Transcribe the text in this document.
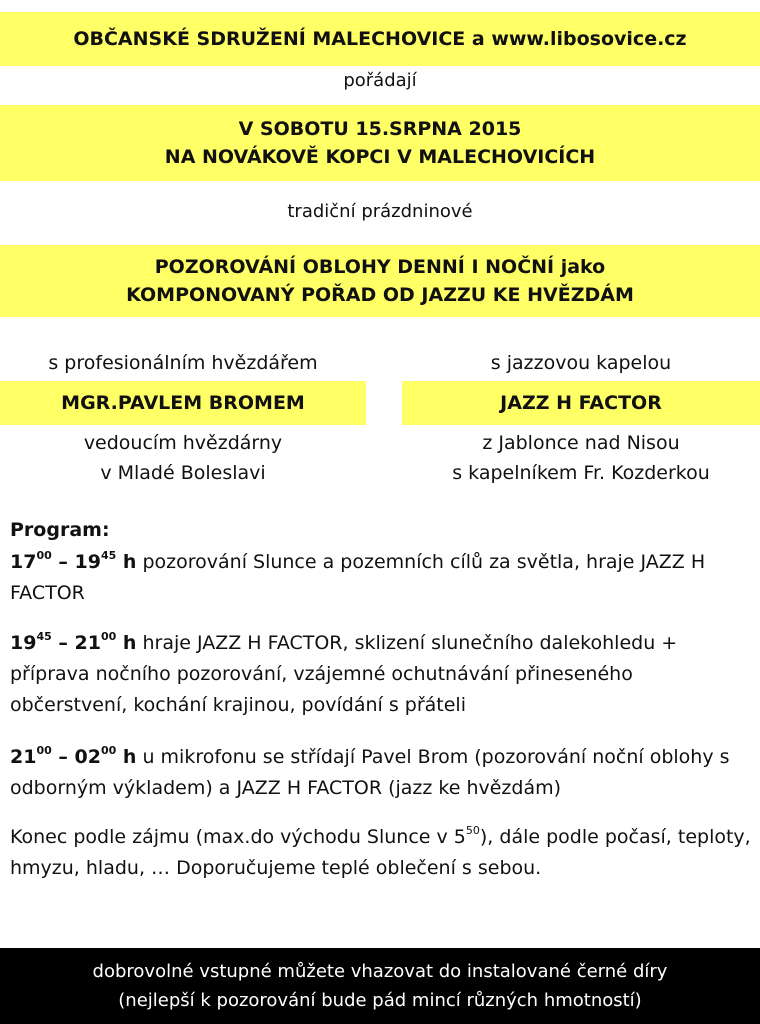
OBČANSKÉ SDRUŽENÍ MALECHOVICE a www.libosovice.cz
pořádají
V SOBOTU 15.SRPNA 2015
NA NOVÁKOVĚ KOPCI V MALECHOVICÍCH
tradiční prázdninové
POZOROVÁNÍ OBLOHY DENNÍ I NOČNÍ jako
KOMPONOVANÝ POŘAD OD JAZZU KE HVĚZDÁM
s profesionálním hvězdářem
MGR.PAVLEM BROMEM
vedoucím hvězdárny
v Mladé Boleslavi
s jazzovou kapelou
JAZZ H FACTOR
z Jablonce nad Nisou
s kapelníkem Fr. Kozderkou
Program:
$17^{00} - 19^{45}$ h pozorování Slunce a pozemních cílů za světla, hraje JAZZ H FACTOR
$19^{45} - 21^{00}$ h hraje JAZZ H FACTOR, sklizení slunečního dalekohledu + příprava nočního pozorování, vzájemné ochutnávání přineseného občerstvení, kochání krajinou, povídání s přáteli
$21^{00} - 02^{00}$ h u mikrofonu se střídají Pavel Brom (pozorování noční oblohy s odborným výkladem) a JAZZ H FACTOR (jazz ke hvězdám)
Konec podle zájmu (max.do východu Slunce v $5^{50}$), dále podle počasí, teploty, hmyzu, hladu, … Doporučujeme teplé oblečení s sebou.
dobrovolné vstupné můžete vhazovat do instalované černé díry
(nejlepší k pozorování bude pád mincí různých hmotností)
